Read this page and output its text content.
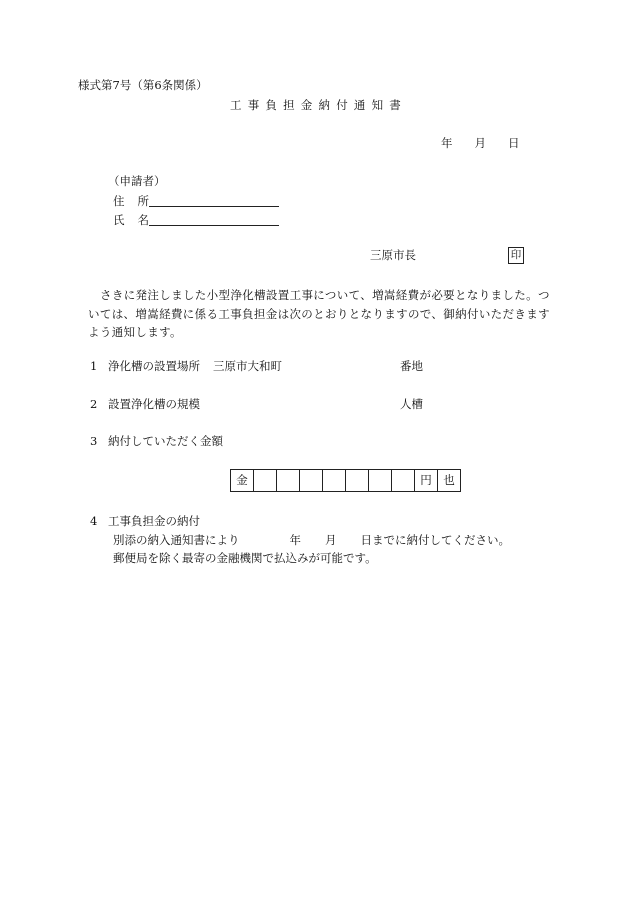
様式第7号（第6条関係）
工事負担金納付通知書
年 月 日
（申請者）
住　所
氏　名
三原市長	印
さきに発注しました小型浄化槽設置工事について、増嵩経費が必要となりました。ついては、増嵩経費に係る工事負担金は次のとおりとなりますので、御納付いただきますよう通知します。
1 浄化槽の設置場所 三原市大和町	番地
2 設置浄化槽の規模	人槽
3 納付していただく金額
金								円	也
4 工事負担金の納付
別添の納入通知書により	年 月 日までに納付してください。
郵便局を除く最寄の金融機関で払込みが可能です。
